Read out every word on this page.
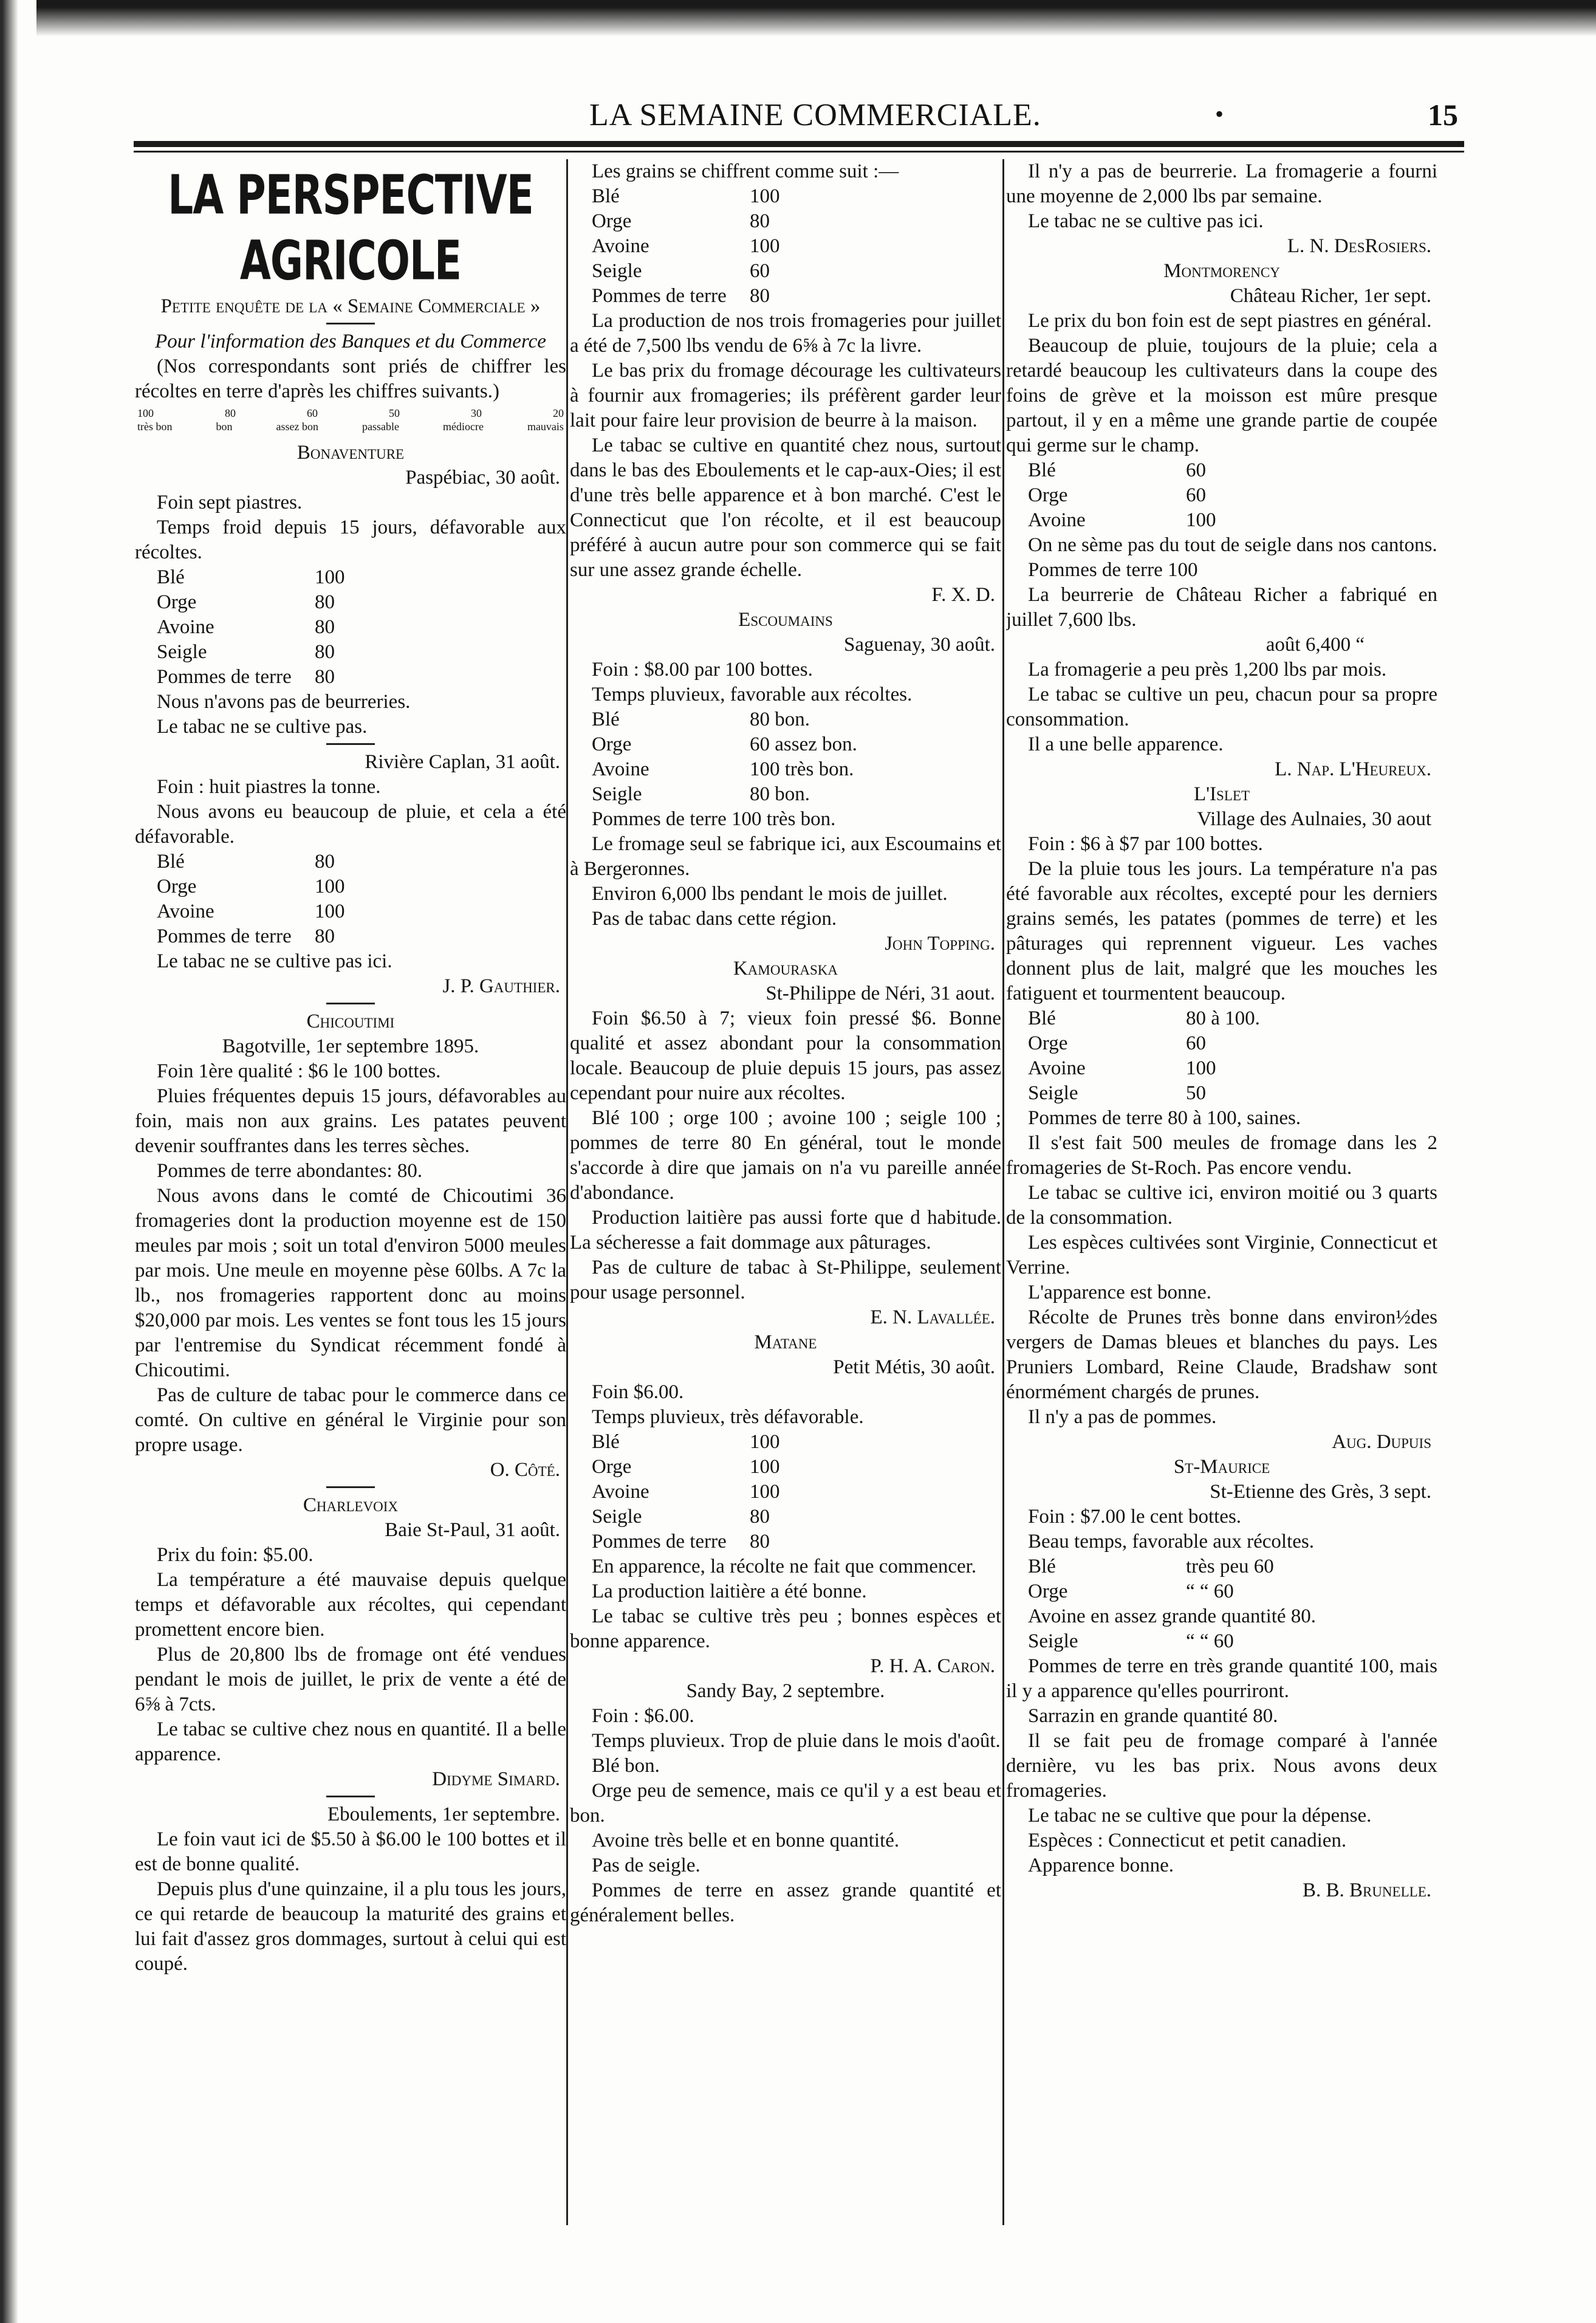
LA SEMAINE COMMERCIALE.	•	15
LA PERSPECTIVE AGRICOLE
Petite enquête de la « Semaine Commerciale »
Pour l'information des Banques et du Commerce
(Nos correspondants sont priés de chiffrer les récoltes en terre d'après les chiffres suivants.)
100	80	60	50	30	20
très bon	bon	assez bon	passable	médiocre	mauvais
Bonaventure
Paspébiac, 30 août.
Foin sept piastres.
Temps froid depuis 15 jours, défavorable aux récoltes.
Blé	100
Orge	80
Avoine	80
Seigle	80
Pommes de terre	80
Nous n'avons pas de beurreries.
Le tabac ne se cultive pas.
Rivière Caplan, 31 août.
Foin : huit piastres la tonne.
Nous avons eu beaucoup de pluie, et cela a été défavorable.
Blé	80
Orge	100
Avoine	100
Pommes de terre	80
Le tabac ne se cultive pas ici.
J. P. Gauthier.
Chicoutimi
Bagotville, 1er septembre 1895.
Foin 1ère qualité : $6 le 100 bottes.
Pluies fréquentes depuis 15 jours, défavorables au foin, mais non aux grains. Les patates peuvent devenir souffrantes dans les terres sèches.
Pommes de terre abondantes: 80.
Nous avons dans le comté de Chicoutimi 36 fromageries dont la production moyenne est de 150 meules par mois ; soit un total d'environ 5000 meules par mois. Une meule en moyenne pèse 60lbs. A 7c la lb., nos fromageries rapportent donc au moins $20,000 par mois. Les ventes se font tous les 15 jours par l'entremise du Syndicat récemment fondé à Chicoutimi.
Pas de culture de tabac pour le commerce dans ce comté. On cultive en général le Virginie pour son propre usage.
O. Côté.
Charlevoix
Baie St-Paul, 31 août.
Prix du foin: $5.00.
La température a été mauvaise depuis quelque temps et défavorable aux récoltes, qui cependant promettent encore bien.
Plus de 20,800 lbs de fromage ont été vendues pendant le mois de juillet, le prix de vente a été de 6⅝ à 7cts.
Le tabac se cultive chez nous en quantité. Il a belle apparence.
Didyme Simard.
Eboulements, 1er septembre.
Le foin vaut ici de $5.50 à $6.00 le 100 bottes et il est de bonne qualité.
Depuis plus d'une quinzaine, il a plu tous les jours, ce qui retarde de beaucoup la maturité des grains et lui fait d'assez gros dommages, surtout à celui qui est coupé.
Les grains se chiffrent comme suit :—
Blé	100
Orge	80
Avoine	100
Seigle	60
Pommes de terre	80
La production de nos trois fromageries pour juillet a été de 7,500 lbs vendu de 6⅝ à 7c la livre.
Le bas prix du fromage décourage les cultivateurs à fournir aux fromageries; ils préfèrent garder leur lait pour faire leur provision de beurre à la maison.
Le tabac se cultive en quantité chez nous, surtout dans le bas des Eboulements et le cap-aux-Oies; il est d'une très belle apparence et à bon marché. C'est le Connecticut que l'on récolte, et il est beaucoup préféré à aucun autre pour son commerce qui se fait sur une assez grande échelle.
F. X. D.
Escoumains
Saguenay, 30 août.
Foin : $8.00 par 100 bottes.
Temps pluvieux, favorable aux récoltes.
Blé	80 bon.
Orge	60 assez bon.
Avoine	100 très bon.
Seigle	80 bon.
Pommes de terre 100 très bon.
Le fromage seul se fabrique ici, aux Escoumains et à Bergeronnes.
Environ 6,000 lbs pendant le mois de juillet.
Pas de tabac dans cette région.
John Topping.
Kamouraska
St-Philippe de Néri, 31 aout.
Foin $6.50 à 7; vieux foin pressé $6. Bonne qualité et assez abondant pour la consommation locale. Beaucoup de pluie depuis 15 jours, pas assez cependant pour nuire aux récoltes.
Blé 100 ; orge 100 ; avoine 100 ; seigle 100 ; pommes de terre 80 En général, tout le monde s'accorde à dire que jamais on n'a vu pareille année d'abondance.
Production laitière pas aussi forte que d habitude. La sécheresse a fait dommage aux pâturages.
Pas de culture de tabac à St-Philippe, seulement pour usage personnel.
E. N. Lavallée.
Matane
Petit Métis, 30 août.
Foin $6.00.
Temps pluvieux, très défavorable.
Blé	100
Orge	100
Avoine	100
Seigle	80
Pommes de terre	80
En apparence, la récolte ne fait que commencer.
La production laitière a été bonne.
Le tabac se cultive très peu ; bonnes espèces et bonne apparence.
P. H. A. Caron.
Sandy Bay, 2 septembre.
Foin : $6.00.
Temps pluvieux. Trop de pluie dans le mois d'août.
Blé bon.
Orge peu de semence, mais ce qu'il y a est beau et bon.
Avoine très belle et en bonne quantité.
Pas de seigle.
Pommes de terre en assez grande quantité et généralement belles.
Il n'y a pas de beurrerie. La fromagerie a fourni une moyenne de 2,000 lbs par semaine.
Le tabac ne se cultive pas ici.
L. N. DesRosiers.
Montmorency
Château Richer, 1er sept.
Le prix du bon foin est de sept piastres en général.
Beaucoup de pluie, toujours de la pluie; cela a retardé beaucoup les cultivateurs dans la coupe des foins de grève et la moisson est mûre presque partout, il y en a même une grande partie de coupée qui germe sur le champ.
Blé	60
Orge	60
Avoine	100
On ne sème pas du tout de seigle dans nos cantons.
Pommes de terre 100
La beurrerie de Château Richer a fabriqué en juillet 7,600 lbs.
août 6,400 “
La fromagerie a peu près 1,200 lbs par mois.
Le tabac se cultive un peu, chacun pour sa propre consommation.
Il a une belle apparence.
L. Nap. L'Heureux.
L'Islet
Village des Aulnaies, 30 aout
Foin : $6 à $7 par 100 bottes.
De la pluie tous les jours. La température n'a pas été favorable aux récoltes, excepté pour les derniers grains semés, les patates (pommes de terre) et les pâturages qui reprennent vigueur. Les vaches donnent plus de lait, malgré que les mouches les fatiguent et tourmentent beaucoup.
Blé	80 à 100.
Orge	60
Avoine	100
Seigle	50
Pommes de terre 80 à 100, saines.
Il s'est fait 500 meules de fromage dans les 2 fromageries de St-Roch. Pas encore vendu.
Le tabac se cultive ici, environ moitié ou 3 quarts de la consommation.
Les espèces cultivées sont Virginie, Connecticut et Verrine.
L'apparence est bonne.
Récolte de Prunes très bonne dans environ½des vergers de Damas bleues et blanches du pays. Les Pruniers Lombard, Reine Claude, Bradshaw sont énormément chargés de prunes.
Il n'y a pas de pommes.
Aug. Dupuis
St-Maurice
St-Etienne des Grès, 3 sept.
Foin : $7.00 le cent bottes.
Beau temps, favorable aux récoltes.
Blé	très peu 60
Orge	“ “ 60
Avoine en assez grande quantité 80.
Seigle	“ “ 60
Pommes de terre en très grande quantité 100, mais il y a apparence qu'elles pourriront.
Sarrazin en grande quantité 80.
Il se fait peu de fromage comparé à l'année dernière, vu les bas prix. Nous avons deux fromageries.
Le tabac ne se cultive que pour la dépense.
Espèces : Connecticut et petit canadien.
Apparence bonne.
B. B. Brunelle.
